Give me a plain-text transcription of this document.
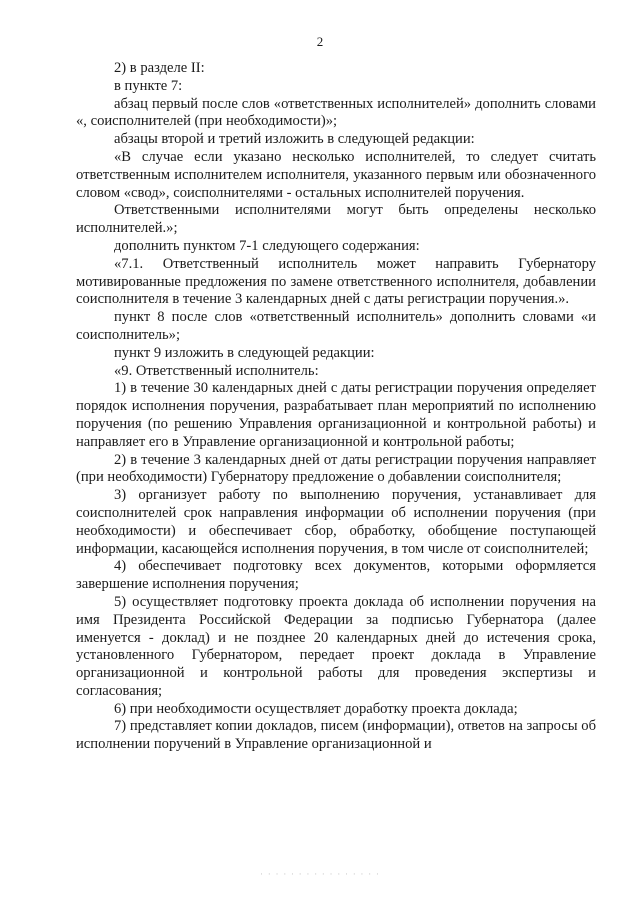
2

2) в разделе II:

в пункте 7:

абзац первый после слов «ответственных исполнителей» дополнить словами «, соисполнителей (при необходимости)»;

абзацы второй и третий изложить в следующей редакции:

«В случае если указано несколько исполнителей, то следует считать ответственным исполнителем исполнителя, указанного первым или обозначенного словом «свод», соисполнителями - остальных исполнителей поручения.

Ответственными исполнителями могут быть определены несколько исполнителей.»;

дополнить пунктом 7-1 следующего содержания:

«7.1. Ответственный исполнитель может направить Губернатору мотивированные предложения по замене ответственного исполнителя, добавлении соисполнителя в течение 3 календарных дней с даты регистрации поручения.».

пункт 8 после слов «ответственный исполнитель» дополнить словами «и соисполнитель»;

пункт 9 изложить в следующей редакции:

«9. Ответственный исполнитель:

1) в течение 30 календарных дней с даты регистрации поручения определяет порядок исполнения поручения, разрабатывает план мероприятий по исполнению поручения (по решению Управления организационной и контрольной работы) и направляет его в Управление организационной и контрольной работы;

2) в течение 3 календарных дней от даты регистрации поручения направляет (при необходимости) Губернатору предложение о добавлении соисполнителя;

3) организует работу по выполнению поручения, устанавливает для соисполнителей срок направления информации об исполнении поручения (при необходимости) и обеспечивает сбор, обработку, обобщение поступающей информации, касающейся исполнения поручения, в том числе от соисполнителей;

4) обеспечивает подготовку всех документов, которыми оформляется завершение исполнения поручения;

5) осуществляет подготовку проекта доклада об исполнении поручения на имя Президента Российской Федерации за подписью Губернатора (далее именуется - доклад) и не позднее 20 календарных дней до истечения срока, установленного Губернатором, передает проект доклада в Управление организационной и контрольной работы для проведения экспертизы и согласования;

6) при необходимости осуществляет доработку проекта доклада;

7) представляет копии докладов, писем (информации), ответов на запросы об исполнении поручений в Управление организационной и

· · · · · · · · · · · · · · · ·
